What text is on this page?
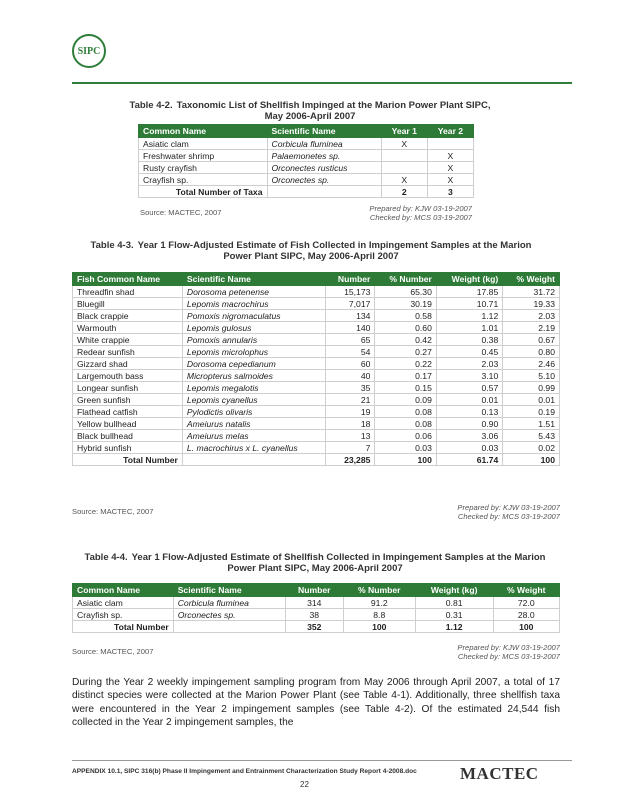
SIPC
Table 4-2. Taxonomic List of Shellfish Impinged at the Marion Power Plant SIPC, May 2006-April 2007
Common Name	Scientific Name	Year 1	Year 2
Asiatic clam	Corbicula fluminea	X	
Freshwater shrimp	Palaemonetes sp.		X
Rusty crayfish	Orconectes rusticus		X
Crayfish sp.	Orconectes sp.	X	X
Total Number of Taxa		2	3
Source: MACTEC, 2007	Prepared by: KJW 03-19-2007
Checked by: MCS 03-19-2007
Table 4-3. Year 1 Flow-Adjusted Estimate of Fish Collected in Impingement Samples at the Marion Power Plant SIPC, May 2006-April 2007
Fish Common Name	Scientific Name	Number	% Number	Weight (kg)	% Weight
Threadfin shad	Dorosoma petenense	15,173	65.30	17.85	31.72
Bluegill	Lepomis macrochirus	7,017	30.19	10.71	19.33
Black crappie	Pomoxis nigromaculatus	134	0.58	1.12	2.03
Warmouth	Lepomis gulosus	140	0.60	1.01	2.19
White crappie	Pomoxis annularis	65	0.42	0.38	0.67
Redear sunfish	Lepomis microlophus	54	0.27	0.45	0.80
Gizzard shad	Dorosoma cepedianum	60	0.22	2.03	2.46
Largemouth bass	Micropterus salmoides	40	0.17	3.10	5.10
Longear sunfish	Lepomis megalotis	35	0.15	0.57	0.99
Green sunfish	Lepomis cyanellus	21	0.09	0.01	0.01
Flathead catfish	Pylodictis olivaris	19	0.08	0.13	0.19
Yellow bullhead	Ameiurus natalis	18	0.08	0.90	1.51
Black bullhead	Ameiurus melas	13	0.06	3.06	5.43
Hybrid sunfish	L. macrochirus x L. cyanellus	7	0.03	0.03	0.02
Total Number		23,285	100	61.74	100
Source: MACTEC, 2007	Prepared by: KJW 03-19-2007
Checked by: MCS 03-19-2007
Table 4-4. Year 1 Flow-Adjusted Estimate of Shellfish Collected in Impingement Samples at the Marion Power Plant SIPC, May 2006-April 2007
Common Name	Scientific Name	Number	% Number	Weight (kg)	% Weight
Asiatic clam	Corbicula fluminea	314	91.2	0.81	72.0
Crayfish sp.	Orconectes sp.	38	8.8	0.31	28.0
Total Number		352	100	1.12	100
Source: MACTEC, 2007	Prepared by: KJW 03-19-2007
Checked by: MCS 03-19-2007
During the Year 2 weekly impingement sampling program from May 2006 through April 2007, a total of 17 distinct species were collected at the Marion Power Plant (see Table 4-1). Additionally, three shellfish taxa were encountered in the Year 2 impingement samples (see Table 4-2). Of the estimated 24,544 fish collected in the Year 2 impingement samples, the
APPENDIX 10.1, SIPC 316(b) Phase II Impingement and Entrainment Characterization Study Report 4-2008.doc
22
MACTEC
